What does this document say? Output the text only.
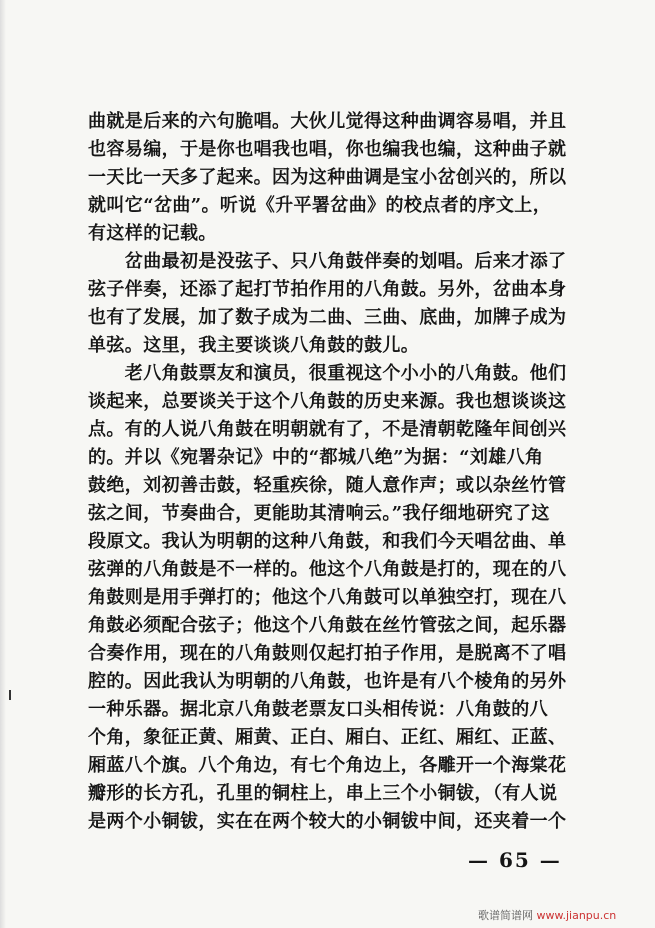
曲就是后来的六句脆唱。大伙儿觉得这种曲调容易唱，并且
也容易编，于是你也唱我也唱，你也编我也编，这种曲子就
一天比一天多了起来。因为这种曲调是宝小岔创兴的，所以
就叫它“岔曲”。听说《升平署岔曲》的校点者的序文上，
有这样的记载。
　　岔曲最初是没弦子、只八角鼓伴奏的划唱。后来才添了
弦子伴奏，还添了起打节拍作用的八角鼓。另外，岔曲本身
也有了发展，加了数子成为二曲、三曲、底曲，加牌子成为
单弦。这里，我主要谈谈八角鼓的鼓儿。
　　老八角鼓票友和演员，很重视这个小小的八角鼓。他们
谈起来，总要谈关于这个八角鼓的历史来源。我也想谈谈这
点。有的人说八角鼓在明朝就有了，不是清朝乾隆年间创兴
的。并以《宛署杂记》中的“都城八绝”为据：“刘雄八角
鼓绝，刘初善击鼓，轻重疾徐，随人意作声；或以杂丝竹管
弦之间，节奏曲合，更能助其清响云。”我仔细地研究了这
段原文。我认为明朝的这种八角鼓，和我们今天唱岔曲、单
弦弹的八角鼓是不一样的。他这个八角鼓是打的，现在的八
角鼓则是用手弹打的；他这个八角鼓可以单独空打，现在八
角鼓必须配合弦子；他这个八角鼓在丝竹管弦之间，起乐器
合奏作用，现在的八角鼓则仅起打拍子作用，是脱离不了唱
腔的。因此我认为明朝的八角鼓，也许是有八个棱角的另外
一种乐器。据北京八角鼓老票友口头相传说：八角鼓的八
个角，象征正黄、厢黄、正白、厢白、正红、厢红、正蓝、
厢蓝八个旗。八个角边，有七个角边上，各雕开一个海棠花
瓣形的长方孔，孔里的铜柱上，串上三个小铜钹，（有人说
是两个小铜钹，实在在两个较大的小铜钹中间，还夹着一个
— 65 —
歌谱简谱网 www.jianpu.cn
